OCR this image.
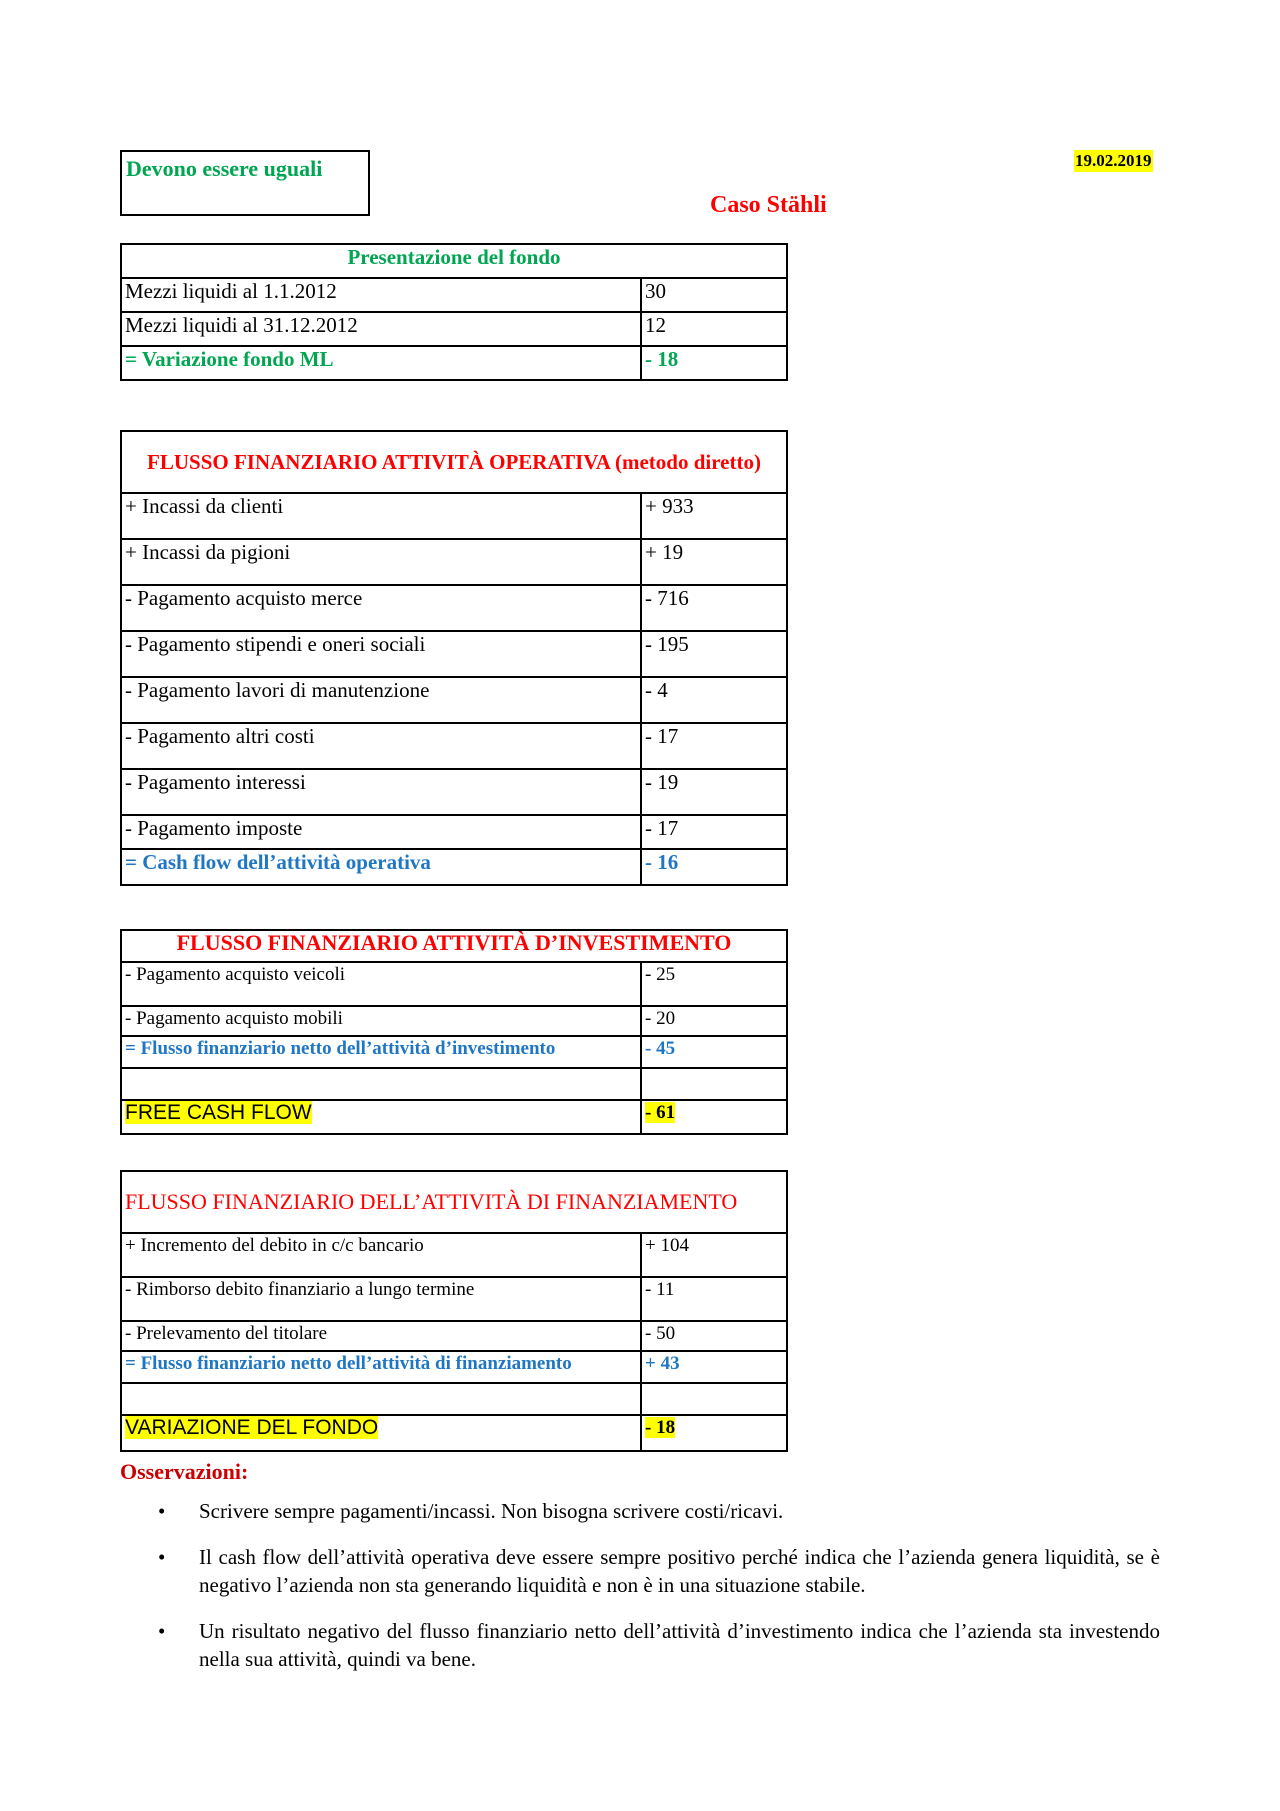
Devono essere uguali	19.02.2019
Caso Stähli
Presentazione del fondo	
Mezzi liquidi al 1.1.2012	30
Mezzi liquidi al 31.12.2012	12
= Variazione fondo ML	- 18
FLUSSO FINANZIARIO ATTIVITÀ OPERATIVA (metodo diretto)	
+ Incassi da clienti	+ 933
+ Incassi da pigioni	+ 19
- Pagamento acquisto merce	- 716
- Pagamento stipendi e oneri sociali	- 195
- Pagamento lavori di manutenzione	- 4
- Pagamento altri costi	- 17
- Pagamento interessi	- 19
- Pagamento imposte	- 17
= Cash flow dell’attività operativa	- 16
FLUSSO FINANZIARIO ATTIVITÀ D’INVESTIMENTO	
- Pagamento acquisto veicoli	- 25
- Pagamento acquisto mobili	- 20
= Flusso finanziario netto dell’attività d’investimento	- 45

FREE CASH FLOW	- 61
FLUSSO FINANZIARIO DELL’ATTIVITÀ DI FINANZIAMENTO	
+ Incremento del debito in c/c bancario	+ 104
- Rimborso debito finanziario a lungo termine	- 11
- Prelevamento del titolare	- 50
= Flusso finanziario netto dell’attività di finanziamento	+ 43

VARIAZIONE DEL FONDO	- 18
Osservazioni:
• Scrivere sempre pagamenti/incassi. Non bisogna scrivere costi/ricavi.
• Il cash flow dell’attività operativa deve essere sempre positivo perché indica che l’azienda genera liquidità, se è negativo l’azienda non sta generando liquidità e non è in una situazione stabile.
• Un risultato negativo del flusso finanziario netto dell’attività d’investimento indica che l’azienda sta investendo nella sua attività, quindi va bene.
